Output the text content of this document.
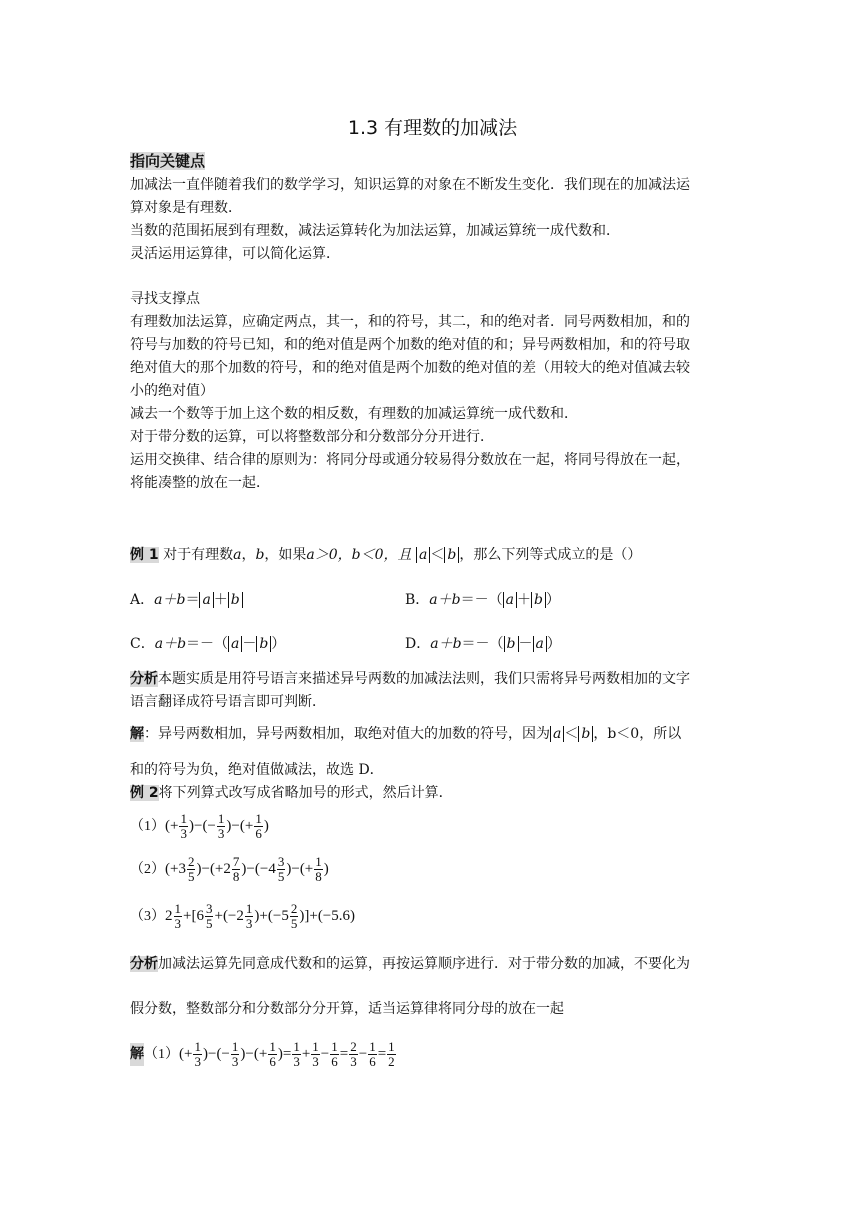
1.3 有理数的加减法
指向关键点

加减法一直伴随着我们的数学学习，知识运算的对象在不断发生变化．我们现在的加减法运

算对象是有理数．

当数的范围拓展到有理数，减法运算转化为加法运算，加减运算统一成代数和．

灵活运用运算律，可以简化运算．

寻找支撑点

有理数加法运算，应确定两点，其一，和的符号，其二，和的绝对者．同号两数相加，和的

符号与加数的符号已知，和的绝对值是两个加数的绝对值的和；异号两数相加，和的符号取

绝对值大的那个加数的符号，和的绝对值是两个加数的绝对值的差（用较大的绝对值减去较

小的绝对值）

减去一个数等于加上这个数的相反数，有理数的加减运算统一成代数和．

对于带分数的运算，可以将整数部分和分数部分分开进行．

运用交换律、结合律的原则为：将同分母或通分较易得分数放在一起，将同号得放在一起，

将能凑整的放在一起．

例 1 对于有理数a，b，如果a＞0，b＜0，且 a ＜ b ，那么下列等式成立的是（）
A．a＋b＝ a ＋ b	B．a＋b＝－（ a ＋ b ）
C．a＋b＝－（ a － b ）	D．a＋b＝－（ b － a ）

分析本题实质是用符号语言来描述异号两数的加减法法则，我们只需将异号两数相加的文字

语言翻译成符号语言即可判断．

解：异号两数相加，异号两数相加，取绝对值大的加数的符号，因为 a ＜ b ，b＜0，所以
和的符号为负，绝对值做减法，故选 D．
例 2将下列算式改写成省略加号的形式，然后计算．
（1） (+ $\frac{1}{3}$ ) − (− $\frac{1}{3}$ ) − (+ $\frac{1}{6}$ )
（2） ($+3 \frac{2}{5}$ ) − ($+2 \frac{7}{8}$ ) − ($-4 \frac{3}{5}$ ) − (+ $\frac{1}{8}$ )
（3） $2 \frac{1}{3} +[6 \frac{3}{5} + (-2 \frac{1}{3}$ ) + ($-5 \frac{2}{5}$ )] + (−5.6)
分析加减法运算先同意成代数和的运算，再按运算顺序进行．对于带分数的加减，不要化为
假分数，整数部分和分数部分分开算，适当运算律将同分母的放在一起
解 （1） (+ $\frac{1}{3}$ ) − (− $\frac{1}{3}$ ) − (+ $\frac{1}{6}$ ) = $\frac{1}{3} + \frac{1}{3} - \frac{1}{6} = \frac{2}{3} - \frac{1}{6} = \frac{1}{2}$
